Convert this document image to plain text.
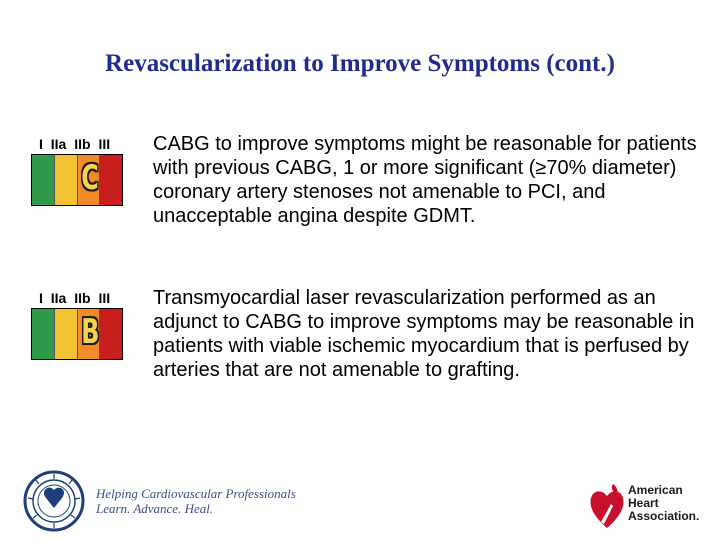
Revascularization to Improve Symptoms (cont.)
I IIa IIb III
C
CABG to improve symptoms might be reasonable for patients with previous CABG, 1 or more significant (≥70% diameter) coronary artery stenoses not amenable to PCI, and unacceptable angina despite GDMT.
I IIa IIb III
B
Transmyocardial laser revascularization performed as an adjunct to CABG to improve symptoms may be reasonable in patients with viable ischemic myocardium that is perfused by arteries that are not amenable to grafting.
Helping Cardiovascular Professionals
Learn. Advance. Heal.
American
Heart
Association.
